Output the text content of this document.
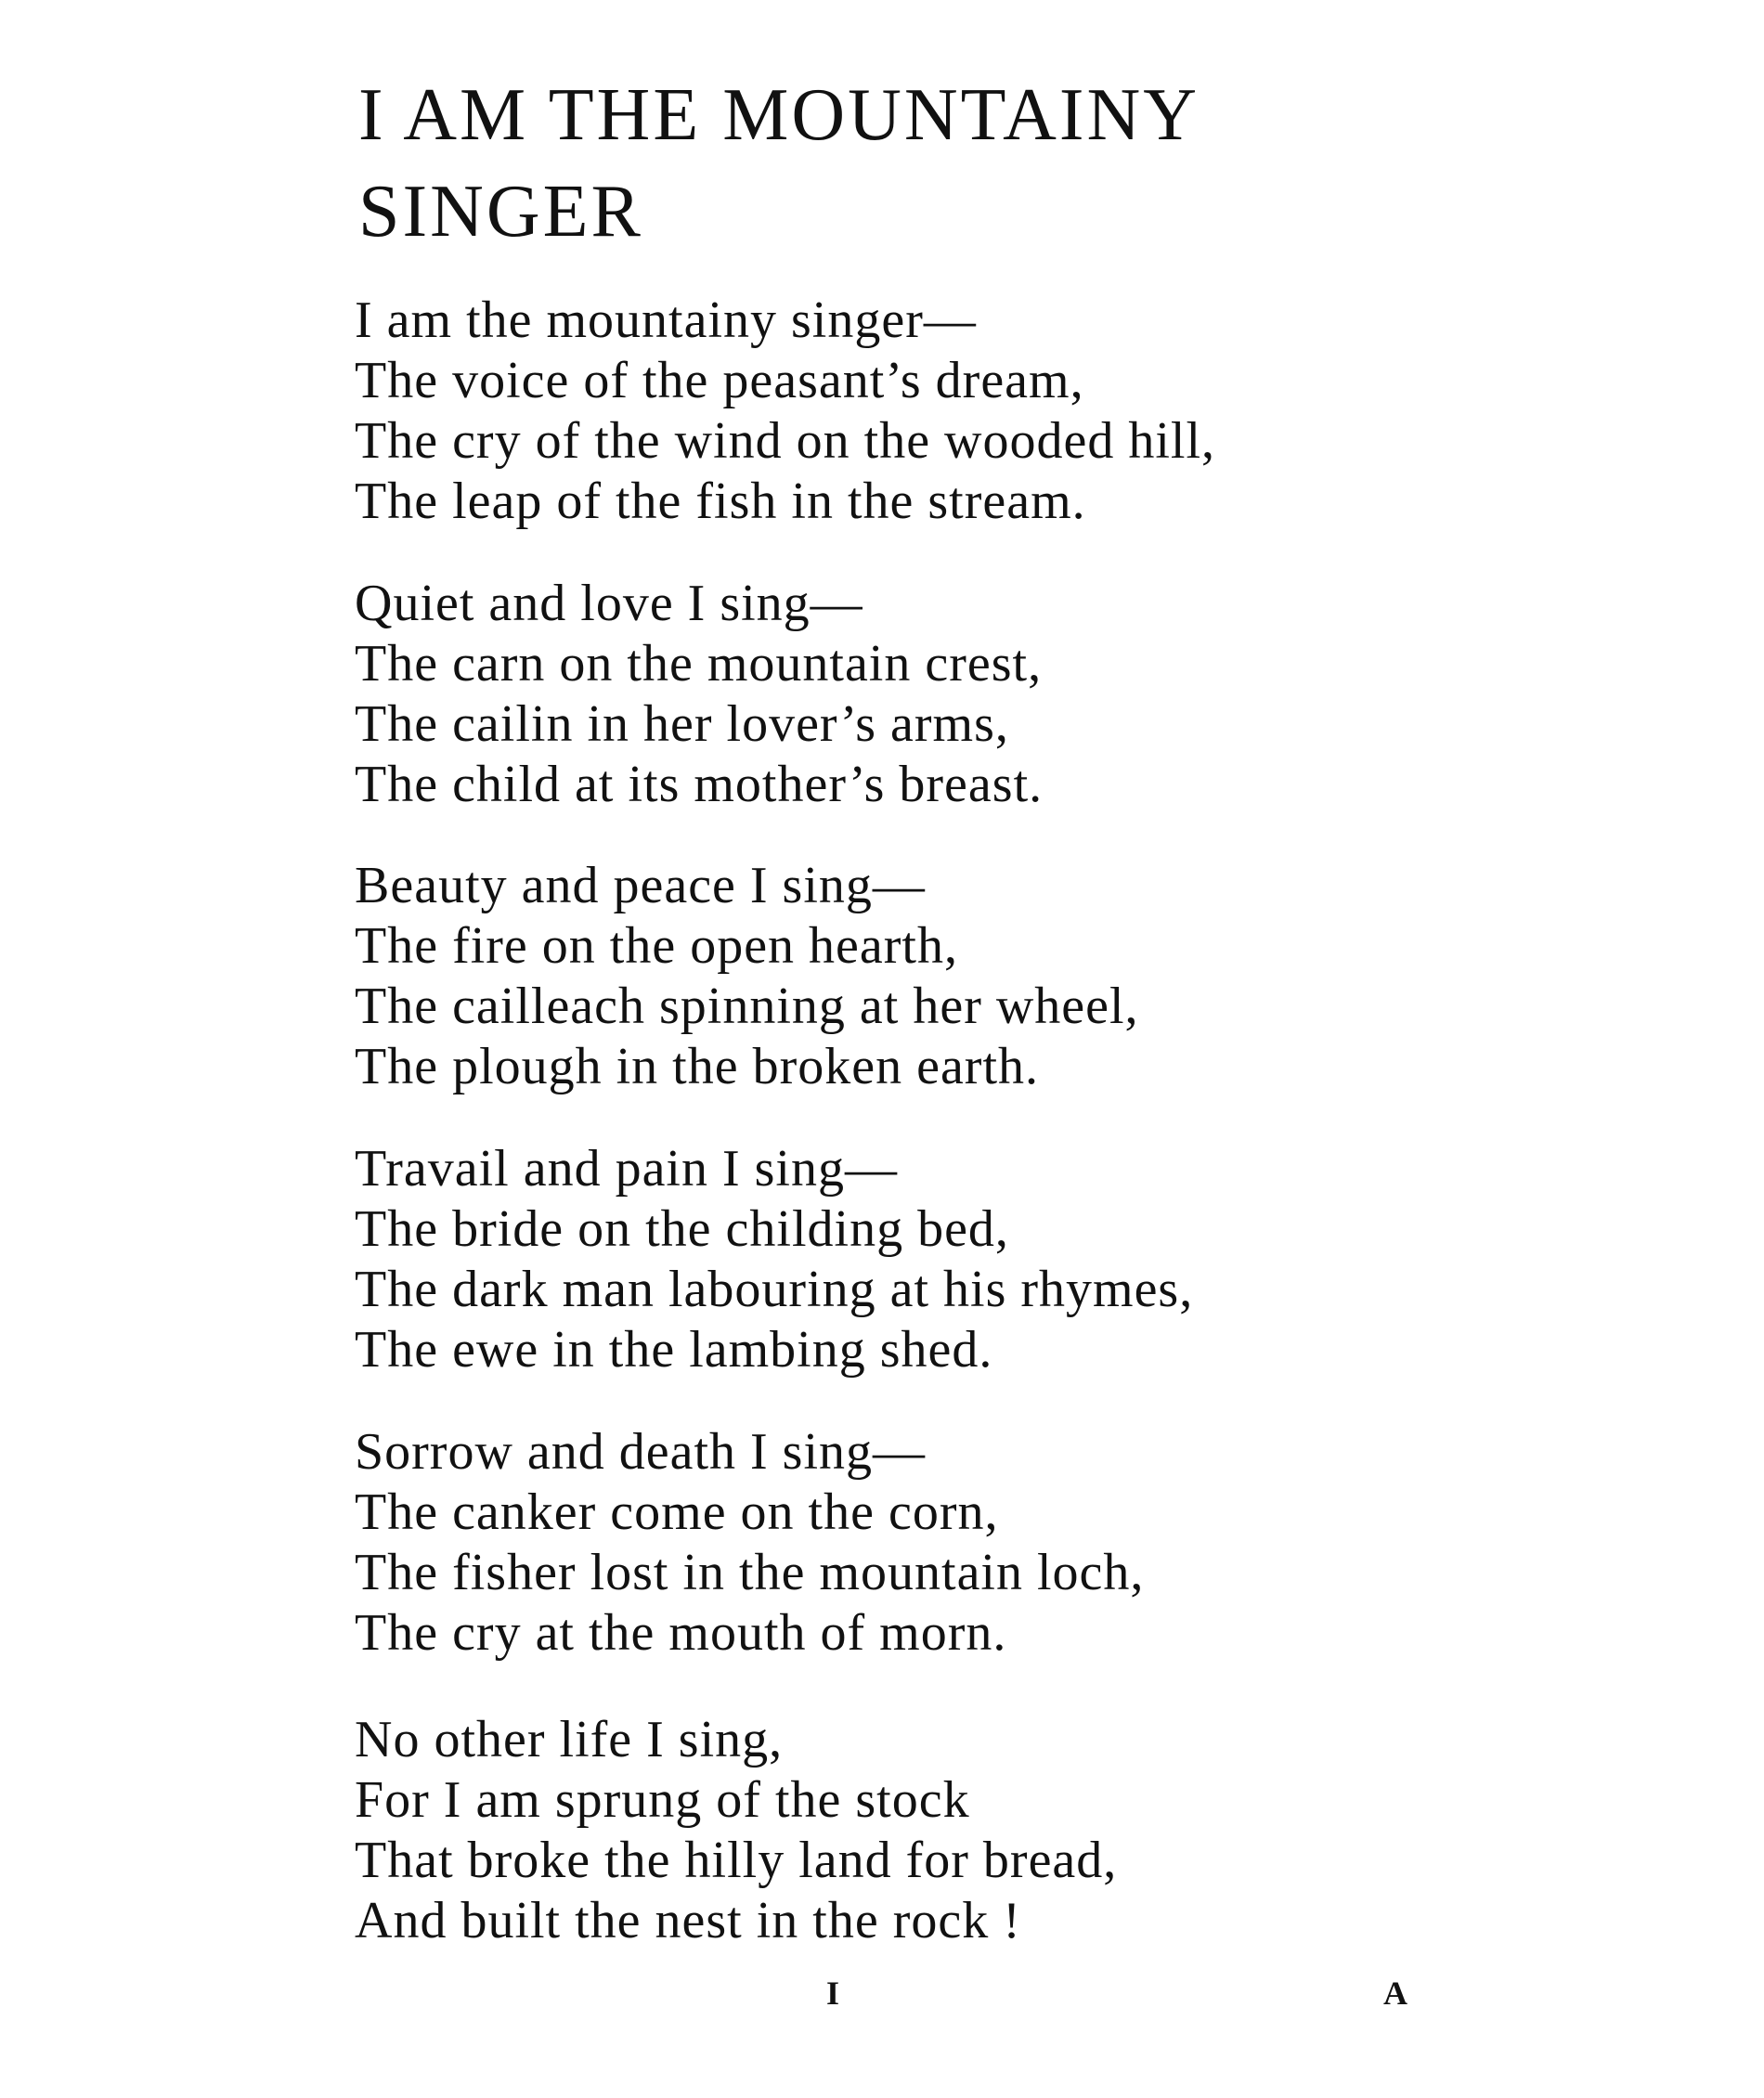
I AM THE MOUNTAINY
SINGER
I am the mountainy singer—
The voice of the peasant’s dream,
The cry of the wind on the wooded hill,
The leap of the fish in the stream.
Quiet and love I sing—
The carn on the mountain crest,
The cailin in her lover’s arms,
The child at its mother’s breast.
Beauty and peace I sing—
The fire on the open hearth,
The cailleach spinning at her wheel,
The plough in the broken earth.
Travail and pain I sing—
The bride on the childing bed,
The dark man labouring at his rhymes,
The ewe in the lambing shed.
Sorrow and death I sing—
The canker come on the corn,
The fisher lost in the mountain loch,
The cry at the mouth of morn.
No other life I sing,
For I am sprung of the stock
That broke the hilly land for bread,
And built the nest in the rock !
I	A
